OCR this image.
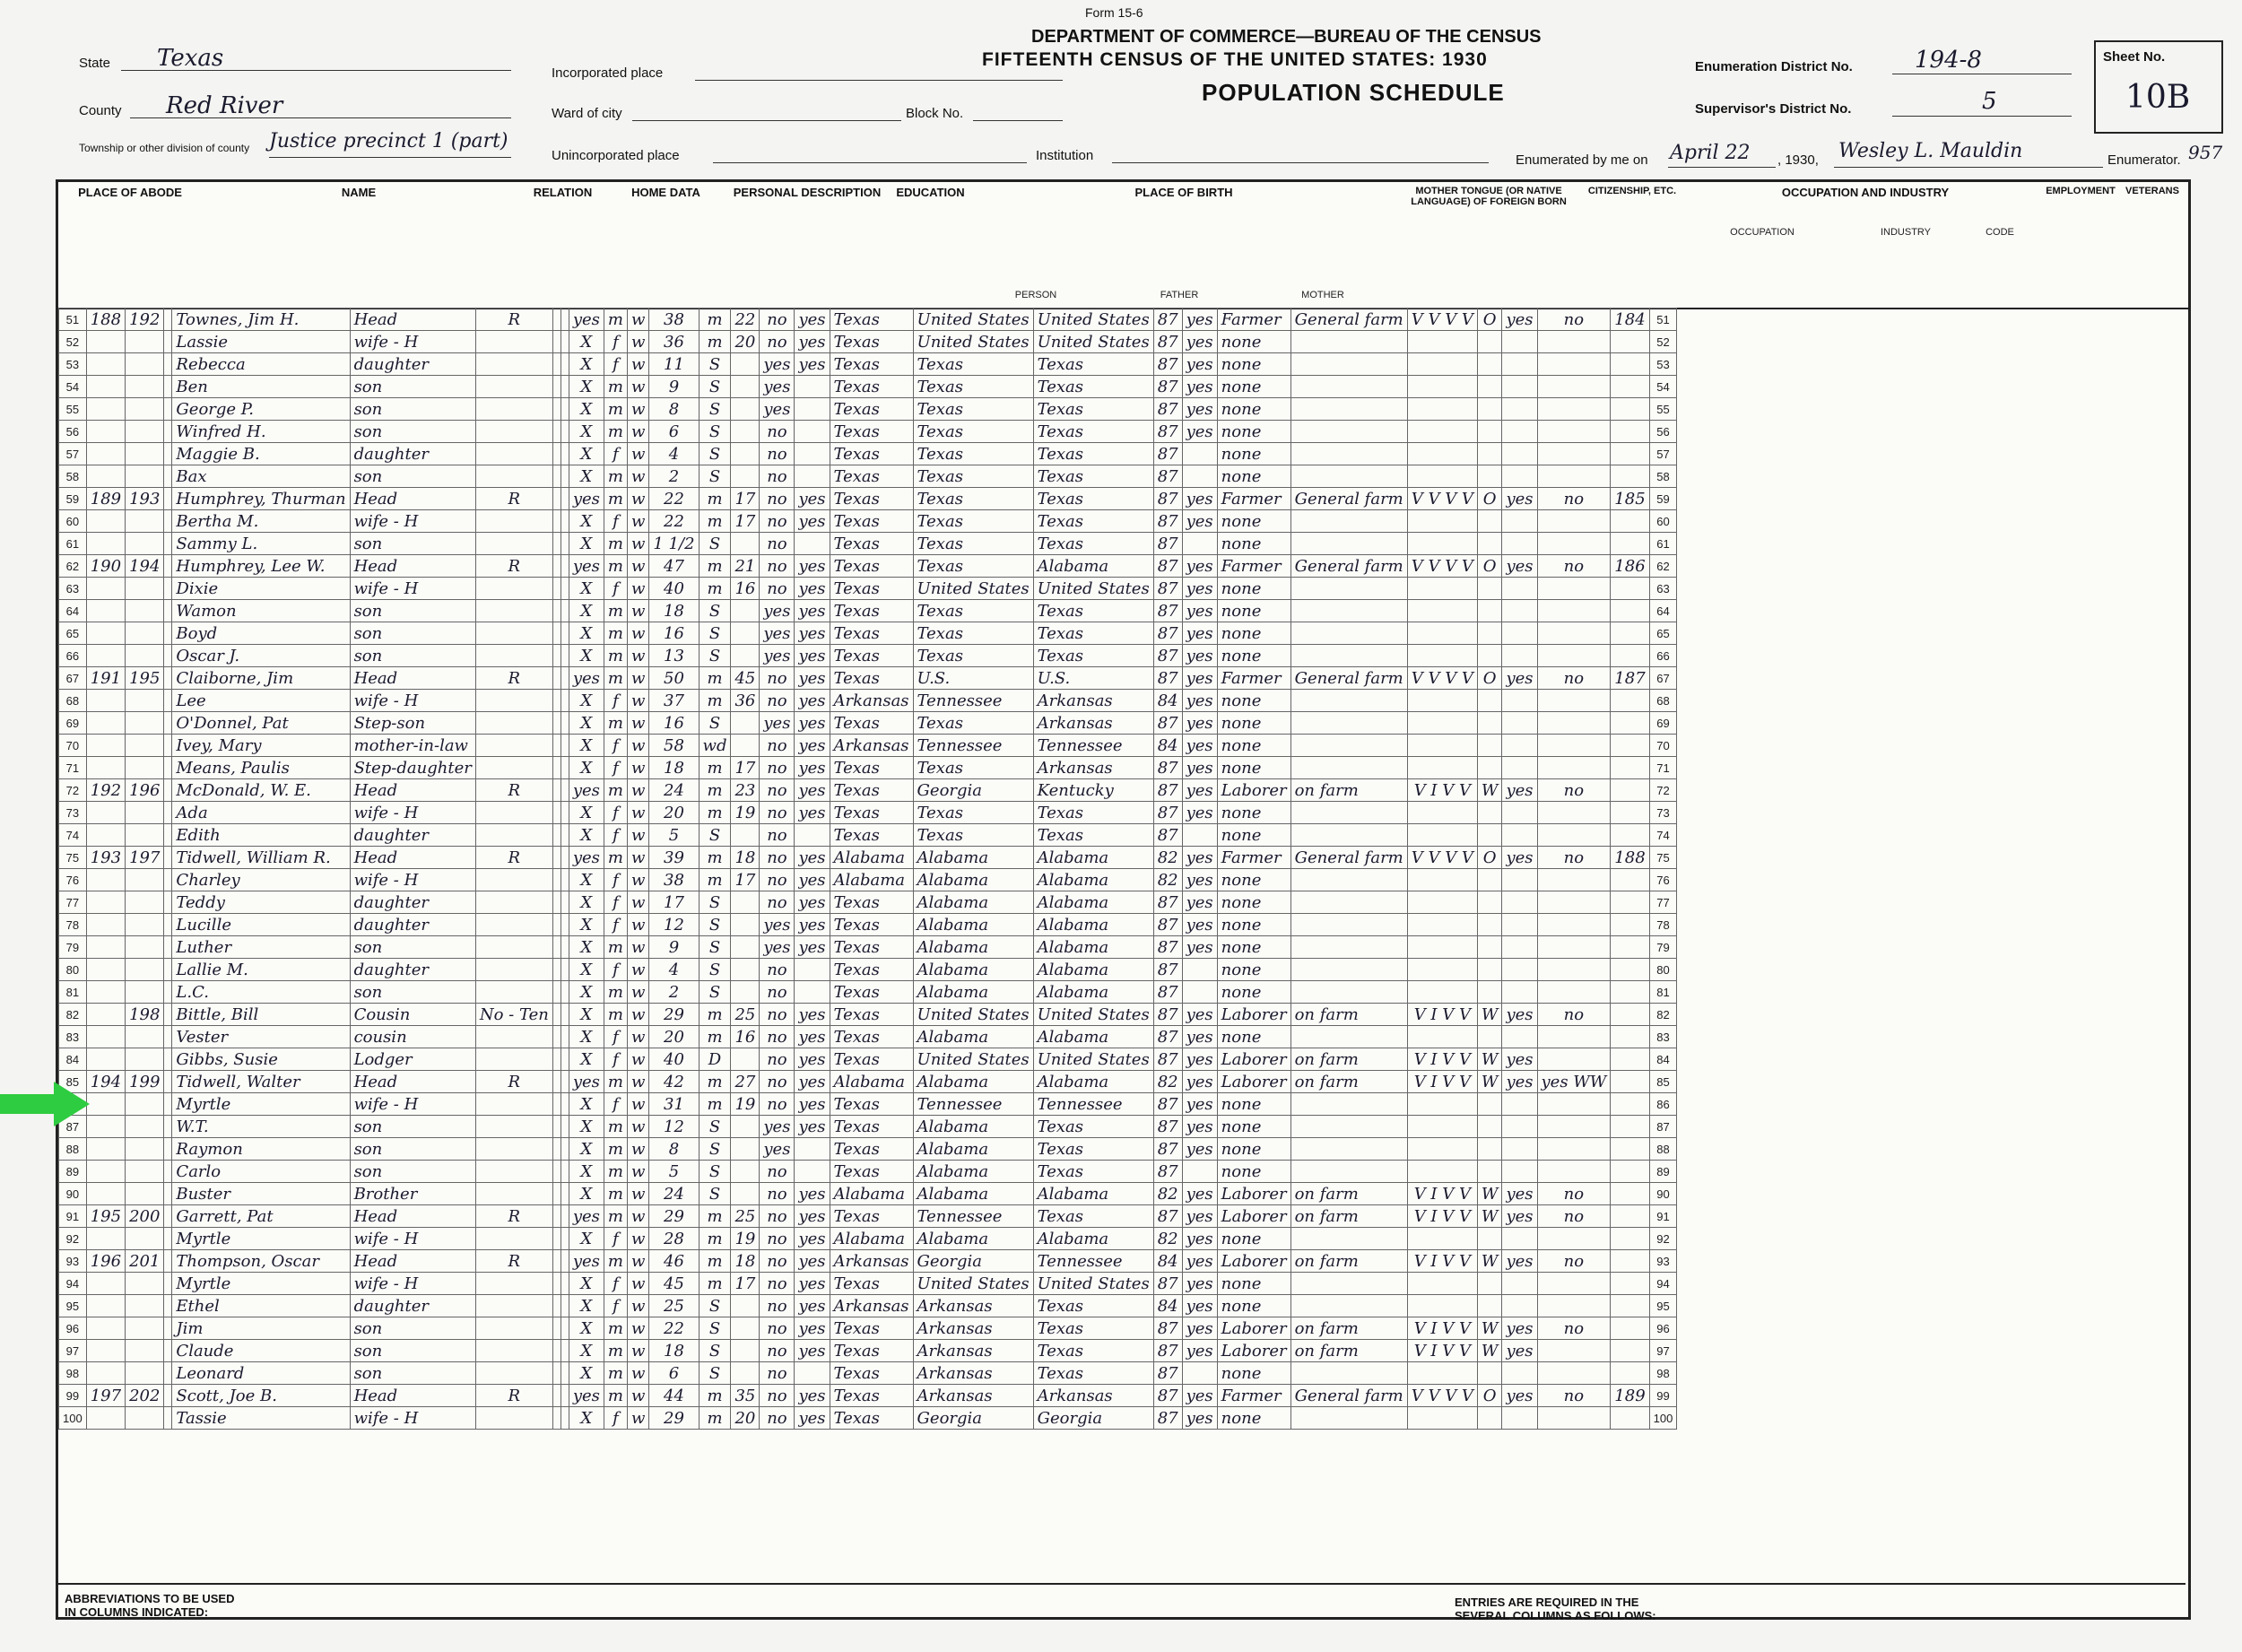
State Texas
County Red River
Township or other division of county Justice precinct 1 (part)
Incorporated place
Ward of city	Block No.
Unincorporated place	Institution
Form 15-6
DEPARTMENT OF COMMERCE—BUREAU OF THE CENSUS
FIFTEENTH CENSUS OF THE UNITED STATES: 1930
POPULATION SCHEDULE
Enumeration District No.	194-8
Supervisor's District No.	5
Sheet No.
10B
Enumerated by me on April 22 , 1930, Wesley L. Mauldin	Enumerator. 957
PLACE OF ABODE	NAME	RELATION	HOME DATA	PERSONAL DESCRIPTION	EDUCATION	PLACE OF BIRTH	MOTHER TONGUE (OR NATIVE LANGUAGE) OF FOREIGN BORN
CITIZENSHIP, ETC.	OCCUPATION AND INDUSTRY	EMPLOYMENT	VETERANS
PERSON	FATHER	MOTHER
OCCUPATION	INDUSTRY	CODE
51	188	192		Townes, Jim H.	Head	R			yes	m	w	38	m	22	no	yes	Texas	United States	United States	87	yes	Farmer	General farm	V V V V	O	yes	no	184	51
52				Lassie	wife - H				X	f	w	36	m	20	no	yes	Texas	United States	United States	87	yes	none							52
53				Rebecca	daughter				X	f	w	11	S		yes	yes	Texas	Texas	Texas	87	yes	none							53
54				Ben	son				X	m	w	9	S		yes		Texas	Texas	Texas	87	yes	none							54
55				George P.	son				X	m	w	8	S		yes		Texas	Texas	Texas	87	yes	none							55
56				Winfred H.	son				X	m	w	6	S		no		Texas	Texas	Texas	87	yes	none							56
57				Maggie B.	daughter				X	f	w	4	S		no		Texas	Texas	Texas	87		none							57
58				Bax	son				X	m	w	2	S		no		Texas	Texas	Texas	87		none							58
59	189	193		Humphrey, Thurman	Head	R			yes	m	w	22	m	17	no	yes	Texas	Texas	Texas	87	yes	Farmer	General farm	V V V V	O	yes	no	185	59
60				Bertha M.	wife - H				X	f	w	22	m	17	no	yes	Texas	Texas	Texas	87	yes	none							60
61				Sammy L.	son				X	m	w	1 1/2	S		no		Texas	Texas	Texas	87		none							61
62	190	194		Humphrey, Lee W.	Head	R			yes	m	w	47	m	21	no	yes	Texas	Texas	Alabama	87	yes	Farmer	General farm	V V V V	O	yes	no	186	62
63				Dixie	wife - H				X	f	w	40	m	16	no	yes	Texas	United States	United States	87	yes	none							63
64				Wamon	son				X	m	w	18	S		yes	yes	Texas	Texas	Texas	87	yes	none							64
65				Boyd	son				X	m	w	16	S		yes	yes	Texas	Texas	Texas	87	yes	none							65
66				Oscar J.	son				X	m	w	13	S		yes	yes	Texas	Texas	Texas	87	yes	none							66
67	191	195		Claiborne, Jim	Head	R			yes	m	w	50	m	45	no	yes	Texas	U.S.	U.S.	87	yes	Farmer	General farm	V V V V	O	yes	no	187	67
68				Lee	wife - H				X	f	w	37	m	36	no	yes	Arkansas	Tennessee	Arkansas	84	yes	none							68
69				O'Donnel, Pat	Step-son				X	m	w	16	S		yes	yes	Texas	Texas	Arkansas	87	yes	none							69
70				Ivey, Mary	mother-in-law				X	f	w	58	wd		no	yes	Arkansas	Tennessee	Tennessee	84	yes	none							70
71				Means, Paulis	Step-daughter				X	f	w	18	m	17	no	yes	Texas	Texas	Arkansas	87	yes	none							71
72	192	196		McDonald, W. E.	Head	R			yes	m	w	24	m	23	no	yes	Texas	Georgia	Kentucky	87	yes	Laborer	on farm	V I V V	W	yes	no		72
73				Ada	wife - H				X	f	w	20	m	19	no	yes	Texas	Texas	Texas	87	yes	none							73
74				Edith	daughter				X	f	w	5	S		no		Texas	Texas	Texas	87		none							74
75	193	197		Tidwell, William R.	Head	R			yes	m	w	39	m	18	no	yes	Alabama	Alabama	Alabama	82	yes	Farmer	General farm	V V V V	O	yes	no	188	75
76				Charley	wife - H				X	f	w	38	m	17	no	yes	Alabama	Alabama	Alabama	82	yes	none							76
77				Teddy	daughter				X	f	w	17	S		no	yes	Texas	Alabama	Alabama	87	yes	none							77
78				Lucille	daughter				X	f	w	12	S		yes	yes	Texas	Alabama	Alabama	87	yes	none							78
79				Luther	son				X	m	w	9	S		yes	yes	Texas	Alabama	Alabama	87	yes	none							79
80				Lallie M.	daughter				X	f	w	4	S		no		Texas	Alabama	Alabama	87		none							80
81				L.C.	son				X	m	w	2	S		no		Texas	Alabama	Alabama	87		none							81
82		198		Bittle, Bill	Cousin	No - Ten			X	m	w	29	m	25	no	yes	Texas	United States	United States	87	yes	Laborer	on farm	V I V V	W	yes	no		82
83				Vester	cousin				X	f	w	20	m	16	no	yes	Texas	Alabama	Alabama	87	yes	none							83
84				Gibbs, Susie	Lodger				X	f	w	40	D		no	yes	Texas	United States	United States	87	yes	Laborer	on farm	V I V V	W	yes			84
85	194	199		Tidwell, Walter	Head	R			yes	m	w	42	m	27	no	yes	Alabama	Alabama	Alabama	82	yes	Laborer	on farm	V I V V	W	yes	yes WW		85
				Myrtle	wife - H				X	f	w	31	m	19	no	yes	Texas	Tennessee	Tennessee	87	yes	none							86
87				W.T.	son				X	m	w	12	S		yes	yes	Texas	Alabama	Texas	87	yes	none							87
88				Raymon	son				X	m	w	8	S		yes		Texas	Alabama	Texas	87	yes	none							88
89				Carlo	son				X	m	w	5	S		no		Texas	Alabama	Texas	87		none							89
90				Buster	Brother				X	m	w	24	S		no	yes	Alabama	Alabama	Alabama	82	yes	Laborer	on farm	V I V V	W	yes	no		90
91	195	200		Garrett, Pat	Head	R			yes	m	w	29	m	25	no	yes	Texas	Tennessee	Texas	87	yes	Laborer	on farm	V I V V	W	yes	no		91
92				Myrtle	wife - H				X	f	w	28	m	19	no	yes	Alabama	Alabama	Alabama	82	yes	none							92
93	196	201		Thompson, Oscar	Head	R			yes	m	w	46	m	18	no	yes	Arkansas	Georgia	Tennessee	84	yes	Laborer	on farm	V I V V	W	yes	no		93
94				Myrtle	wife - H				X	f	w	45	m	17	no	yes	Texas	United States	United States	87	yes	none							94
95				Ethel	daughter				X	f	w	25	S		no	yes	Arkansas	Arkansas	Texas	84	yes	none							95
96				Jim	son				X	m	w	22	S		no	yes	Texas	Arkansas	Texas	87	yes	Laborer	on farm	V I V V	W	yes	no		96
97				Claude	son				X	m	w	18	S		no	yes	Texas	Arkansas	Texas	87	yes	Laborer	on farm	V I V V	W	yes			97
98				Leonard	son				X	m	w	6	S		no		Texas	Arkansas	Texas	87		none							98
99	197	202		Scott, Joe B.	Head	R			yes	m	w	44	m	35	no	yes	Texas	Arkansas	Arkansas	87	yes	Farmer	General farm	V V V V	O	yes	no	189	99
100				Tassie	wife - H				X	f	w	29	m	20	no	yes	Texas	Georgia	Georgia	87	yes	none							100
ABBREVIATIONS TO BE USED IN COLUMNS INDICATED:
ENTRIES ARE REQUIRED IN THE SEVERAL COLUMNS AS FOLLOWS:
